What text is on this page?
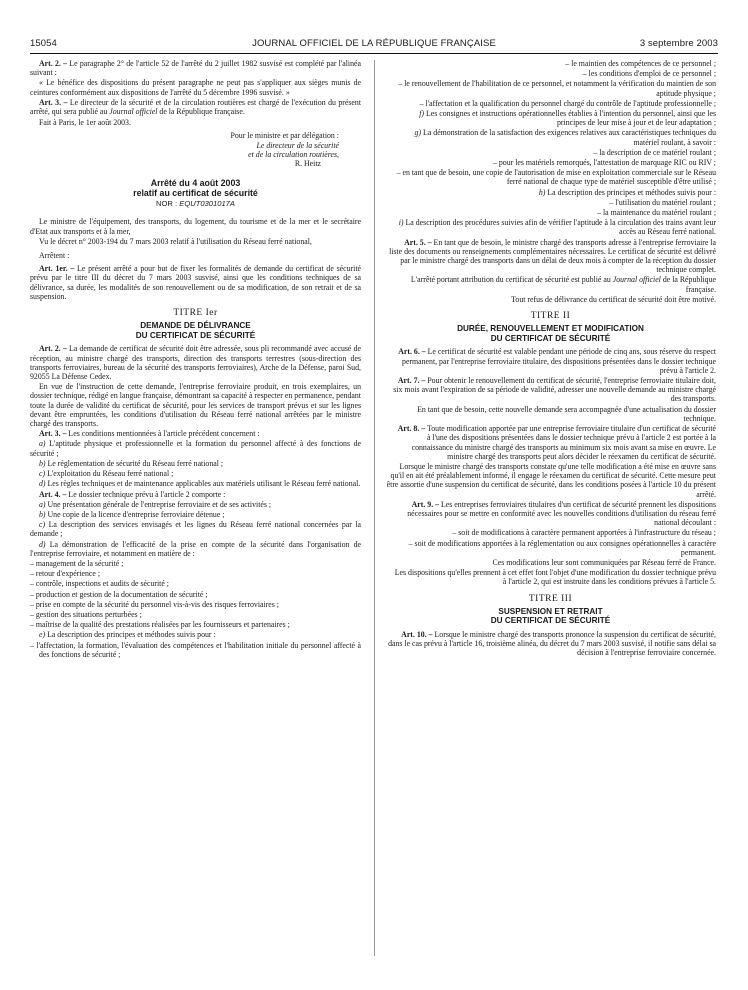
15054	JOURNAL OFFICIEL DE LA RÉPUBLIQUE FRANÇAISE	3 septembre 2003

Art. 2. – Le paragraphe 2° de l'article 52 de l'arrêté du 2 juillet 1982 susvisé est complété par l'alinéa suivant :

« Le bénéfice des dispositions du présent paragraphe ne peut pas s'appliquer aux sièges munis de ceintures conformément aux dispositions de l'arrêté du 5 décembre 1996 susvisé. »

Art. 3. – Le directeur de la sécurité et de la circulation routières est chargé de l'exécution du présent arrêté, qui sera publié au Journal officiel de la République française.

Fait à Paris, le 1er août 2003.

Pour le ministre et par délégation :

Le directeur de la sécurité

et de la circulation routières,

R. Heitz

Arrêté du 4 août 2003
relatif au certificat de sécurité
NOR : EQUT0301017A

Le ministre de l'équipement, des transports, du logement, du tourisme et de la mer et le secrétaire d'Etat aux transports et à la mer,

Vu le décret n° 2003-194 du 7 mars 2003 relatif à l'utilisation du Réseau ferré national,

Arrêtent :

Art. 1er. – Le présent arrêté a pour but de fixer les formalités de demande du certificat de sécurité prévu par le titre III du décret du 7 mars 2003 susvisé, ainsi que les conditions techniques de sa délivrance, sa durée, les modalités de son renouvellement ou de sa modification, de son retrait et de sa suspension.

TITRE Ier
DEMANDE DE DÉLIVRANCE
DU CERTIFICAT DE SÉCURITÉ

Art. 2. – La demande de certificat de sécurité doit être adressée, sous pli recommandé avec accusé de réception, au ministre chargé des transports, direction des transports terrestres (sous-direction des transports ferroviaires, bureau de la sécurité des transports ferroviaires), Arche de la Défense, paroi Sud, 92055 La Défense Cedex.

En vue de l'instruction de cette demande, l'entreprise ferroviaire produit, en trois exemplaires, un dossier technique, rédigé en langue française, démontrant sa capacité à respecter en permanence, pendant toute la durée de validité du certificat de sécurité, pour les services de transport prévus et sur les lignes devant être empruntées, les conditions d'utilisation du Réseau ferré national arrêtées par le ministre chargé des transports.

Art. 3. – Les conditions mentionnées à l'article précédent concernent :

a) L'aptitude physique et professionnelle et la formation du personnel affecté à des fonctions de sécurité ;

b) Le réglementation de sécurité du Réseau ferré national ;

c) L'exploitation du Réseau ferré national ;

d) Les règles techniques et de maintenance applicables aux matériels utilisant le Réseau ferré national.

Art. 4. – Le dossier technique prévu à l'article 2 comporte :

a) Une présentation générale de l'entreprise ferroviaire et de ses activités ;

b) Une copie de la licence d'entreprise ferroviaire détenue ;

c) La description des services envisagés et les lignes du Réseau ferré national concernées par la demande ;

d) La démonstration de l'efficacité de la prise en compte de la sécurité dans l'organisation de l'entreprise ferroviaire, et notamment en matière de :

– management de la sécurité ;

– retour d'expérience ;

– contrôle, inspections et audits de sécurité ;

– production et gestion de la documentation de sécurité ;

– prise en compte de la sécurité du personnel vis-à-vis des risques ferroviaires ;

– gestion des situations perturbées ;

– maîtrise de la qualité des prestations réalisées par les fournisseurs et partenaires ;

e) La description des principes et méthodes suivis pour :

– l'affectation, la formation, l'évaluation des compétences et l'habilitation initiale du personnel affecté à des fonctions de sécurité ;

– le maintien des compétences de ce personnel ;

– les conditions d'emploi de ce personnel ;

– le renouvellement de l'habilitation de ce personnel, et notamment la vérification du maintien de son aptitude physique ;

– l'affectation et la qualification du personnel chargé du contrôle de l'aptitude professionnelle ;

f) Les consignes et instructions opérationnelles établies à l'intention du personnel, ainsi que les principes de leur mise à jour et de leur adaptation ;

g) La démonstration de la satisfaction des exigences relatives aux caractéristiques techniques du matériel roulant, à savoir :

– la description de ce matériel roulant ;

– pour les matériels remorqués, l'attestation de marquage RIC ou RIV ;

– en tant que de besoin, une copie de l'autorisation de mise en exploitation commerciale sur le Réseau ferré national de chaque type de matériel susceptible d'être utilisé ;

h) La description des principes et méthodes suivis pour :

– l'utilisation du matériel roulant ;

– la maintenance du matériel roulant ;

i) La description des procédures suivies afin de vérifier l'aptitude à la circulation des trains avant leur accès au Réseau ferré national.

Art. 5. – En tant que de besoin, le ministre chargé des transports adresse à l'entreprise ferroviaire la liste des documents ou renseignements complémentaires nécessaires. Le certificat de sécurité est délivré par le ministre chargé des transports dans un délai de deux mois à compter de la réception du dossier technique complet.

L'arrêté portant attribution du certificat de sécurité est publié au Journal officiel de la République française.

Tout refus de délivrance du certificat de sécurité doit être motivé.

TITRE II
DURÉE, RENOUVELLEMENT ET MODIFICATION
DU CERTIFICAT DE SÉCURITÉ

Art. 6. – Le certificat de sécurité est valable pendant une période de cinq ans, sous réserve du respect permanent, par l'entreprise ferroviaire titulaire, des dispositions présentées dans le dossier technique prévu à l'article 2.

Art. 7. – Pour obtenir le renouvellement du certificat de sécurité, l'entreprise ferroviaire titulaire doit, six mois avant l'expiration de sa période de validité, adresser une nouvelle demande au ministre chargé des transports.

En tant que de besoin, cette nouvelle demande sera accompagnée d'une actualisation du dossier technique.

Art. 8. – Toute modification apportée par une entreprise ferroviaire titulaire d'un certificat de sécurité à l'une des dispositions présentées dans le dossier technique prévu à l'article 2 est portée à la connaissance du ministre chargé des transports au minimum six mois avant sa mise en œuvre. Le ministre chargé des transports peut alors décider le réexamen du certificat de sécurité.

Lorsque le ministre chargé des transports constate qu'une telle modification a été mise en œuvre sans qu'il en ait été préalablement informé, il engage le réexamen du certificat de sécurité. Cette mesure peut être assortie d'une suspension du certificat de sécurité, dans les conditions posées à l'article 10 du présent arrêté.

Art. 9. – Les entreprises ferroviaires titulaires d'un certificat de sécurité prennent les dispositions nécessaires pour se mettre en conformité avec les nouvelles conditions d'utilisation du réseau ferré national découlant :

– soit de modifications à caractère permanent apportées à l'infrastructure du réseau ;

– soit de modifications apportées à la réglementation ou aux consignes opérationnelles à caractère permanent.

Ces modifications leur sont communiquées par Réseau ferré de France.

Les dispositions qu'elles prennent à cet effet font l'objet d'une modification du dossier technique prévu à l'article 2, qui est instruite dans les conditions prévues à l'article 5.

TITRE III
SUSPENSION ET RETRAIT
DU CERTIFICAT DE SÉCURITÉ

Art. 10. – Lorsque le ministre chargé des transports prononce la suspension du certificat de sécurité, dans le cas prévu à l'article 16, troisième alinéa, du décret du 7 mars 2003 susvisé, il notifie sans délai sa décision à l'entreprise ferroviaire concernée.
